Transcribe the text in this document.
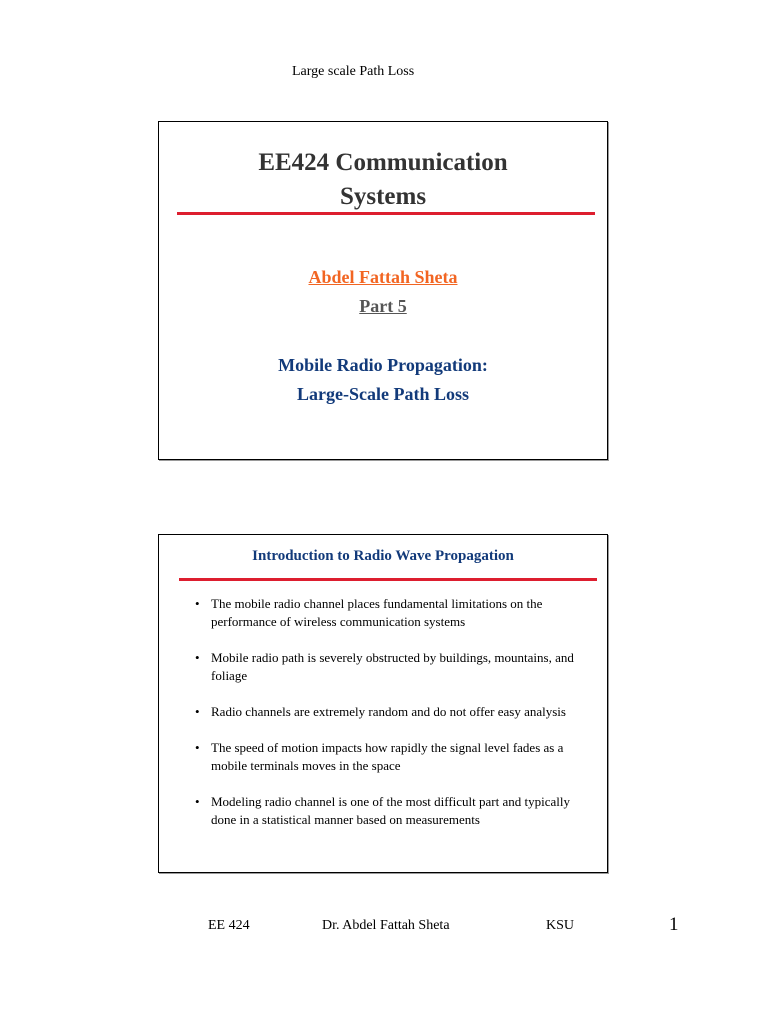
Large scale Path Loss
EE424 Communication Systems
Abdel Fattah Sheta
Part 5
Mobile Radio Propagation:
Large-Scale Path Loss
Introduction to Radio Wave Propagation
• The mobile radio channel places fundamental limitations on the performance of wireless communication systems
• Mobile radio path is severely obstructed by buildings, mountains, and foliage
• Radio channels are extremely random and do not offer easy analysis
• The speed of motion impacts how rapidly the signal level fades as a mobile terminals moves in the space
• Modeling radio channel is one of the most difficult part and typically done in a statistical manner based on measurements
EE 424	Dr. Abdel Fattah Sheta	KSU	1
